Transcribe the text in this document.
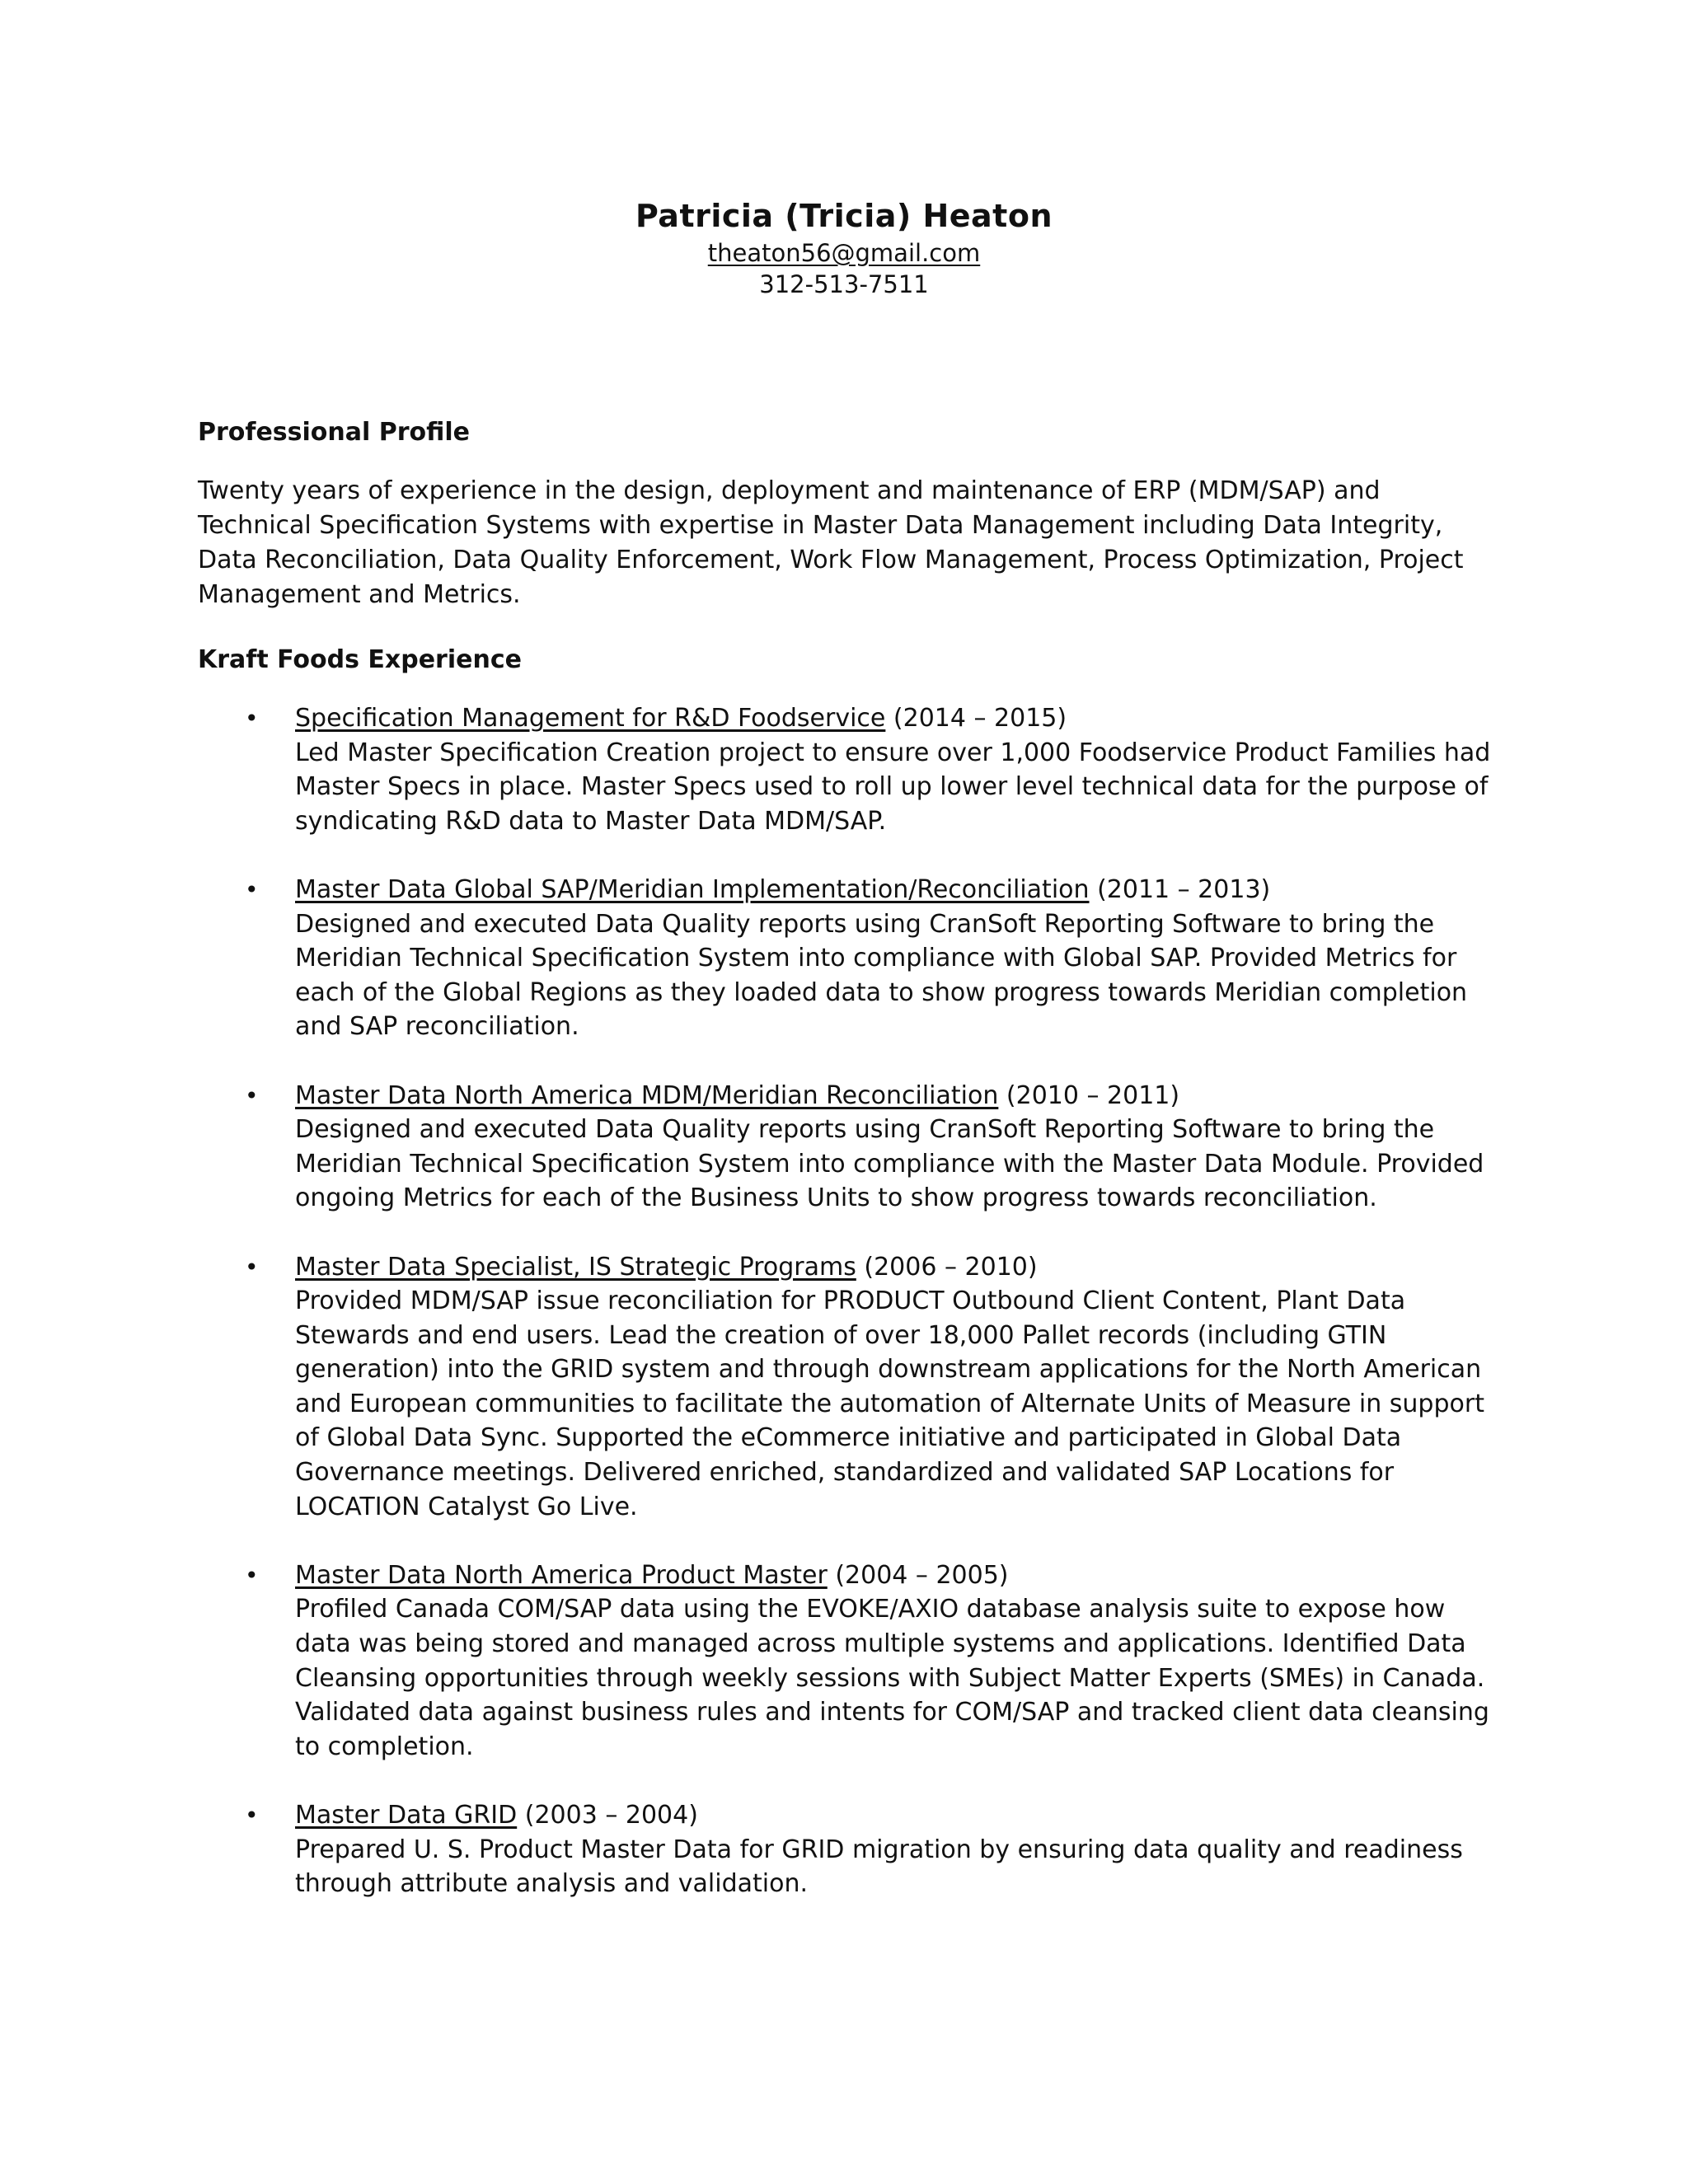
Patricia (Tricia) Heaton
theaton56@gmail.com
312-513-7511
Professional Profile

Twenty years of experience in the design, deployment and maintenance of ERP (MDM/SAP) and Technical Specification Systems with expertise in Master Data Management including Data Integrity, Data Reconciliation, Data Quality Enforcement, Work Flow Management, Process Optimization, Project Management and Metrics.

Kraft Foods Experience
• Specification Management for R&D Foodservice (2014 – 2015)
Led Master Specification Creation project to ensure over 1,000 Foodservice Product Families had Master Specs in place. Master Specs used to roll up lower level technical data for the purpose of syndicating R&D data to Master Data MDM/SAP.
• Master Data Global SAP/Meridian Implementation/Reconciliation (2011 – 2013)
Designed and executed Data Quality reports using CranSoft Reporting Software to bring the Meridian Technical Specification System into compliance with Global SAP. Provided Metrics for each of the Global Regions as they loaded data to show progress towards Meridian completion and SAP reconciliation.
• Master Data North America MDM/Meridian Reconciliation (2010 – 2011)
Designed and executed Data Quality reports using CranSoft Reporting Software to bring the Meridian Technical Specification System into compliance with the Master Data Module. Provided ongoing Metrics for each of the Business Units to show progress towards reconciliation.
• Master Data Specialist, IS Strategic Programs (2006 – 2010)
Provided MDM/SAP issue reconciliation for PRODUCT Outbound Client Content, Plant Data Stewards and end users. Lead the creation of over 18,000 Pallet records (including GTIN generation) into the GRID system and through downstream applications for the North American and European communities to facilitate the automation of Alternate Units of Measure in support of Global Data Sync. Supported the eCommerce initiative and participated in Global Data Governance meetings. Delivered enriched, standardized and validated SAP Locations for LOCATION Catalyst Go Live.
• Master Data North America Product Master (2004 – 2005)
Profiled Canada COM/SAP data using the EVOKE/AXIO database analysis suite to expose how data was being stored and managed across multiple systems and applications. Identified Data Cleansing opportunities through weekly sessions with Subject Matter Experts (SMEs) in Canada. Validated data against business rules and intents for COM/SAP and tracked client data cleansing to completion.
• Master Data GRID (2003 – 2004)
Prepared U. S. Product Master Data for GRID migration by ensuring data quality and readiness through attribute analysis and validation.
